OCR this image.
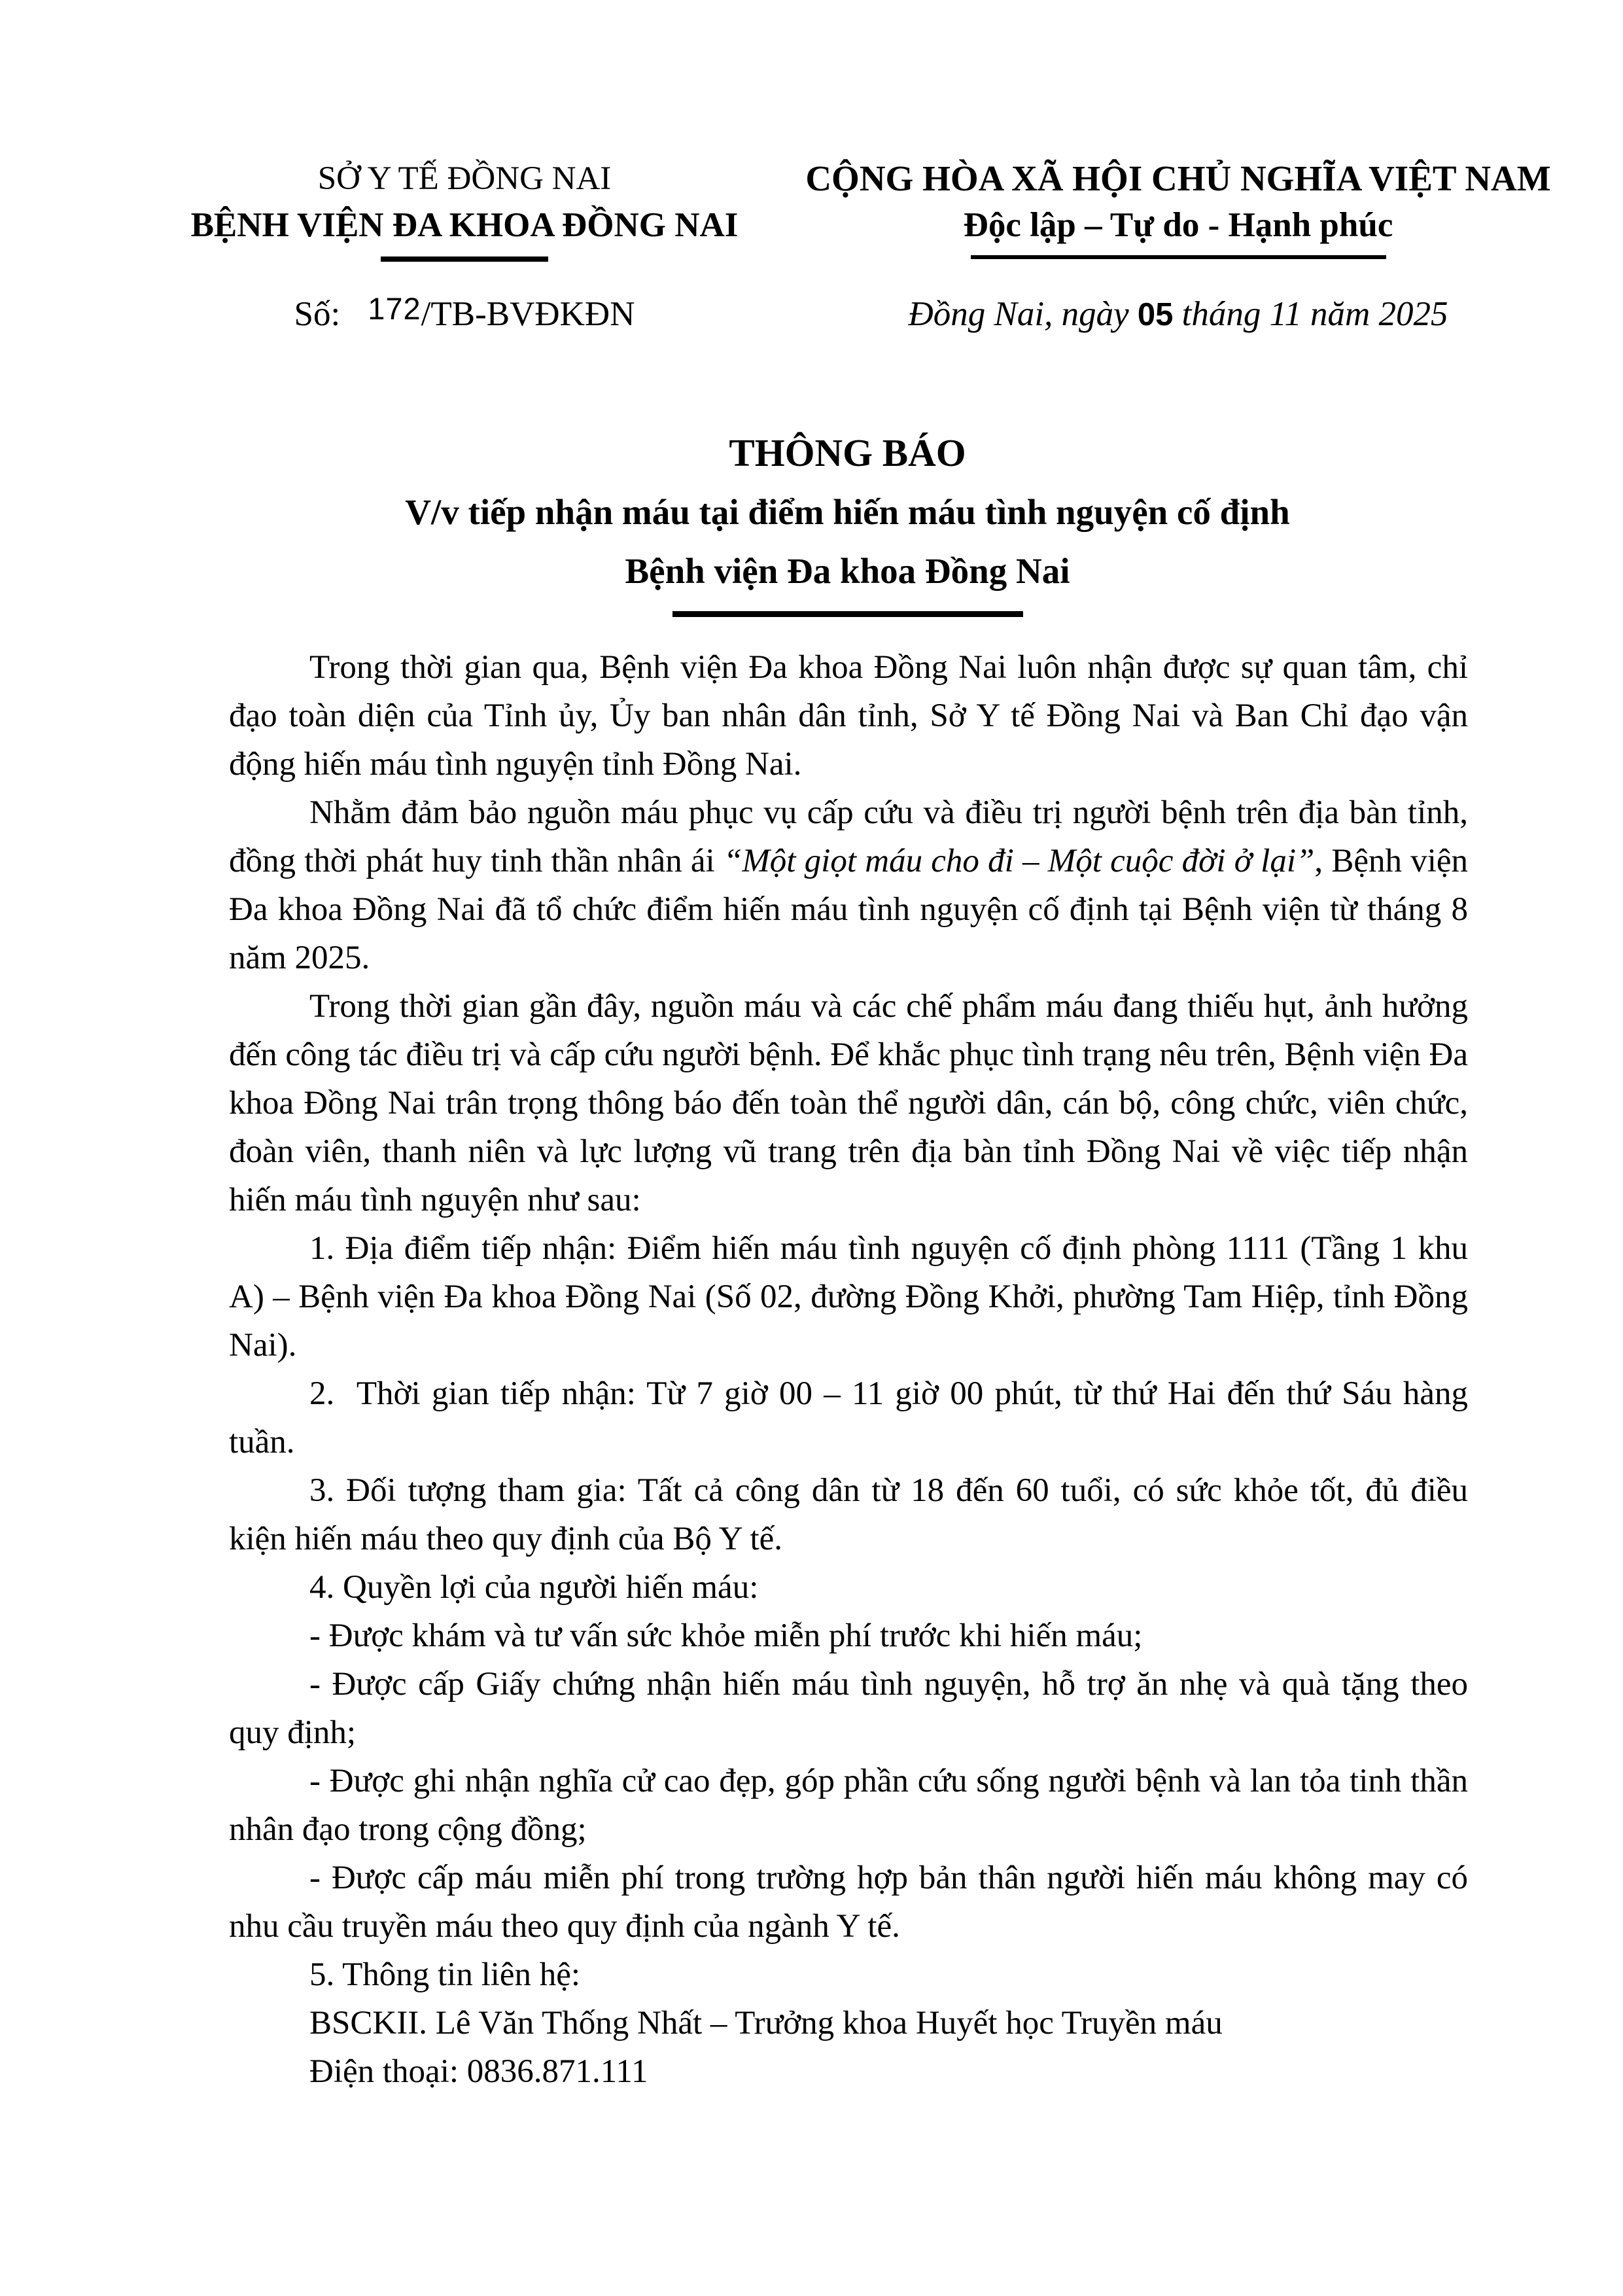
SỞ Y TẾ ĐỒNG NAI
BỆNH VIỆN ĐA KHOA ĐỒNG NAI
CỘNG HÒA XÃ HỘI CHỦ NGHĨA VIỆT NAM
Độc lập – Tự do - Hạnh phúc
Số: 172/TB-BVĐKĐN	Đồng Nai, ngày 05 tháng 11 năm 2025
THÔNG BÁO
V/v tiếp nhận máu tại điểm hiến máu tình nguyện cố định
Bệnh viện Đa khoa Đồng Nai

Trong thời gian qua, Bệnh viện Đa khoa Đồng Nai luôn nhận được sự quan tâm, chỉ đạo toàn diện của Tỉnh ủy, Ủy ban nhân dân tỉnh, Sở Y tế Đồng Nai và Ban Chỉ đạo vận động hiến máu tình nguyện tỉnh Đồng Nai.

Nhằm đảm bảo nguồn máu phục vụ cấp cứu và điều trị người bệnh trên địa bàn tỉnh, đồng thời phát huy tinh thần nhân ái “Một giọt máu cho đi – Một cuộc đời ở lại”, Bệnh viện Đa khoa Đồng Nai đã tổ chức điểm hiến máu tình nguyện cố định tại Bệnh viện từ tháng 8 năm 2025.

Trong thời gian gần đây, nguồn máu và các chế phẩm máu đang thiếu hụt, ảnh hưởng đến công tác điều trị và cấp cứu người bệnh. Để khắc phục tình trạng nêu trên, Bệnh viện Đa khoa Đồng Nai trân trọng thông báo đến toàn thể người dân, cán bộ, công chức, viên chức, đoàn viên, thanh niên và lực lượng vũ trang trên địa bàn tỉnh Đồng Nai về việc tiếp nhận hiến máu tình nguyện như sau:

1. Địa điểm tiếp nhận: Điểm hiến máu tình nguyện cố định phòng 1111 (Tầng 1 khu A) – Bệnh viện Đa khoa Đồng Nai (Số 02, đường Đồng Khởi, phường Tam Hiệp, tỉnh Đồng Nai).

2.  Thời gian tiếp nhận: Từ 7 giờ 00 – 11 giờ 00 phút, từ thứ Hai đến thứ Sáu hàng tuần.

3. Đối tượng tham gia: Tất cả công dân từ 18 đến 60 tuổi, có sức khỏe tốt, đủ điều kiện hiến máu theo quy định của Bộ Y tế.

4. Quyền lợi của người hiến máu:

- Được khám và tư vấn sức khỏe miễn phí trước khi hiến máu;

- Được cấp Giấy chứng nhận hiến máu tình nguyện, hỗ trợ ăn nhẹ và quà tặng theo quy định;

- Được ghi nhận nghĩa cử cao đẹp, góp phần cứu sống người bệnh và lan tỏa tinh thần nhân đạo trong cộng đồng;

- Được cấp máu miễn phí trong trường hợp bản thân người hiến máu không may có nhu cầu truyền máu theo quy định của ngành Y tế.

5. Thông tin liên hệ:

BSCKII. Lê Văn Thống Nhất – Trưởng khoa Huyết học Truyền máu

Điện thoại: 0836.871.111
